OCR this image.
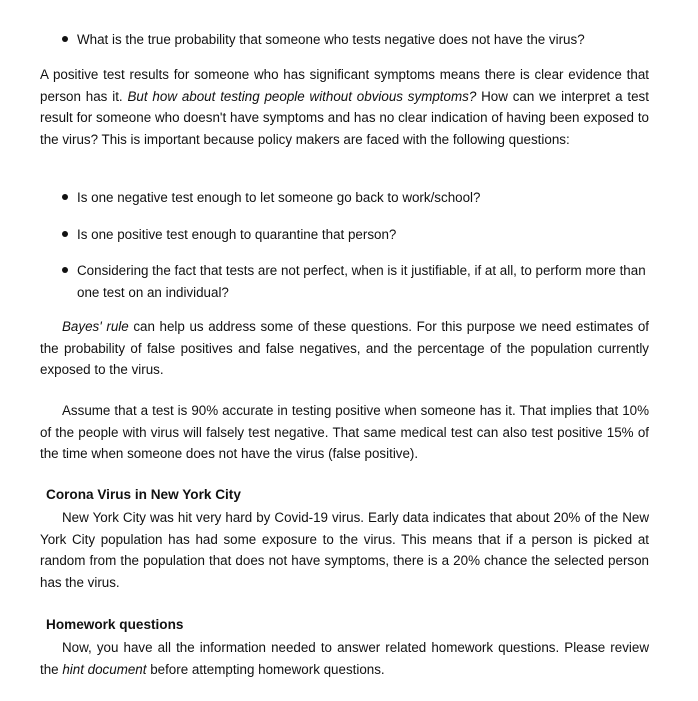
What is the true probability that someone who tests negative does not have the virus?

A positive test results for someone who has significant symptoms means there is clear evidence that person has it. But how about testing people without obvious symptoms? How can we interpret a test result for someone who doesn't have symptoms and has no clear indication of having been exposed to the virus? This is important because policy makers are faced with the following questions:

Is one negative test enough to let someone go back to work/school?
Is one positive test enough to quarantine that person?
Considering the fact that tests are not perfect, when is it justifiable, if at all, to perform more than one test on an individual?

Bayes' rule can help us address some of these questions. For this purpose we need estimates of the probability of false positives and false negatives, and the percentage of the population currently exposed to the virus.

Assume that a test is 90% accurate in testing positive when someone has it. That implies that 10% of the people with virus will falsely test negative. That same medical test can also test positive 15% of the time when someone does not have the virus (false positive).

Corona Virus in New York City

New York City was hit very hard by Covid-19 virus. Early data indicates that about 20% of the New York City population has had some exposure to the virus. This means that if a person is picked at random from the population that does not have symptoms, there is a 20% chance the selected person has the virus.

Homework questions

Now, you have all the information needed to answer related homework questions. Please review the hint document before attempting homework questions.
